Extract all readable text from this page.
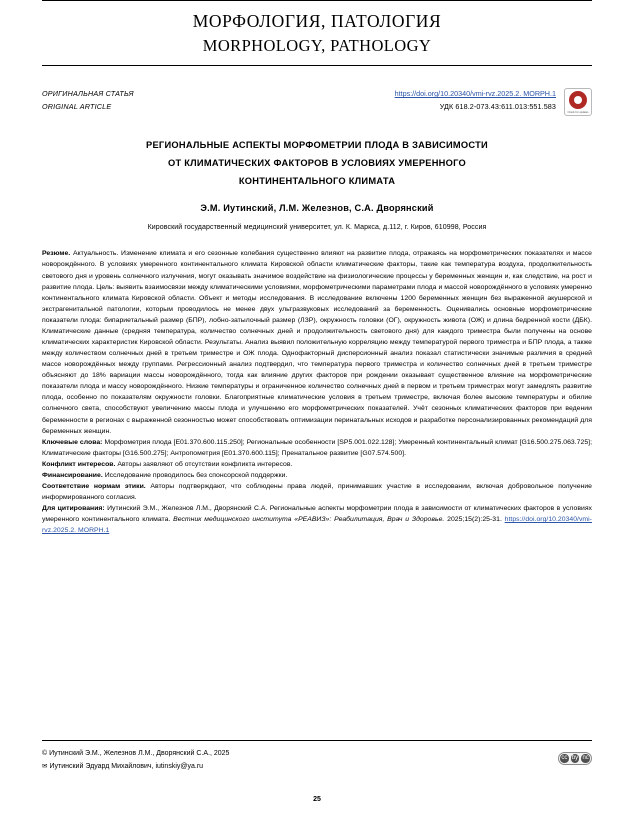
МОРФОЛОГИЯ, ПАТОЛОГИЯ
MORPHOLOGY, PATHOLOGY
ОРИГИНАЛЬНАЯ СТАТЬЯ
ORIGINAL ARTICLE
https://doi.org/10.20340/vmi-rvz.2025.2. MORPH.1
УДК 618.2-073.43:611.013:551.583
Check for updates
РЕГИОНАЛЬНЫЕ АСПЕКТЫ МОРФОМЕТРИИ ПЛОДА В ЗАВИСИМОСТИ
ОТ КЛИМАТИЧЕСКИХ ФАКТОРОВ В УСЛОВИЯХ УМЕРЕННОГО
КОНТИНЕНТАЛЬНОГО КЛИМАТА
Э.М. Иутинский, Л.М. Железнов, С.А. Дворянский
Кировский государственный медицинский университет, ул. К. Маркса, д.112, г. Киров, 610998, Россия

Резюме. Актуальность. Изменение климата и его сезонные колебания существенно влияют на развитие плода, отражаясь на морфометрических показателях и массе новорождённого. В условиях умеренного континентального климата Кировской области климатические факторы, такие как температура воздуха, продолжительность светового дня и уровень солнечного излучения, могут оказывать значимое воздействие на физиологические процессы у беременных женщин и, как следствие, на рост и развитие плода. Цель: выявить взаимосвязи между климатическими условиями, морфометрическими параметрами плода и массой новорождённого в условиях умеренно континентального климата Кировской области. Объект и методы исследования. В исследование включены 1200 беременных женщин без выраженной акушерской и экстрагенитальной патологии, которым проводилось не менее двух ультразвуковых исследований за беременность. Оценивались основные морфометрические показатели плода: бипариетальный размер (БПР), лобно-затылочный размер (ЛЗР), окружность головки (ОГ), окружность живота (ОЖ) и длина бедренной кости (ДБК). Климатические данные (средняя температура, количество солнечных дней и продолжительность светового дня) для каждого триместра были получены на основе климатических характеристик Кировской области. Результаты. Анализ выявил положительную корреляцию между температурой первого триместра и БПР плода, а также между количеством солнечных дней в третьем триместре и ОЖ плода. Однофакторный дисперсионный анализ показал статистически значимые различия в средней массе новорождённых между группами. Регрессионный анализ подтвердил, что температура первого триместра и количество солнечных дней в третьем триместре объясняют до 18% вариации массы новорождённого, тогда как влияние других факторов при рождении оказывает существенное влияние на морфометрические показатели плода и массу новорождённого. Низкие температуры и ограниченное количество солнечных дней в первом и третьем триместрах могут замедлять развитие плода, особенно по показателям окружности головки. Благоприятные климатические условия в третьем триместре, включая более высокие температуры и обилие солнечного света, способствуют увеличению массы плода и улучшению его морфометрических показателей. Учёт сезонных климатических факторов при ведении беременности в регионах с выраженной сезонностью может способствовать оптимизации перинатальных исходов и разработке персонализированных рекомендаций для беременных женщин.

Ключевые слова: Морфометрия плода [E01.370.600.115.250]; Региональные особенности [SP5.001.022.128]; Умеренный континентальный климат [G16.500.275.063.725]; Климатические факторы [G16.500.275]; Антропометрия [E01.370.600.115]; Пренатальное развитие [G07.574.500].

Конфликт интересов. Авторы заявляют об отсутствии конфликта интересов.

Финансирование. Исследование проводилось без спонсорской поддержки.

Соответствие нормам этики. Авторы подтверждают, что соблюдены права людей, принимавших участие в исследовании, включая добровольное получение информированного согласия.

Для цитирования: Иутинский Э.М., Железнов Л.М., Дворянский С.А. Региональные аспекты морфометрии плода в зависимости от климатических факторов в условиях умеренного континентального климата. Вестник медицинского института «РЕАВИЗ»: Реабилитация, Врач и Здоровье. 2025;15(2):25-31. https://doi.org/10.20340/vmi-rvz.2025.2. MORPH.1

© Иутинский Э.М., Железнов Л.М., Дворянский С.А., 2025
✉ Иутинский Эдуард Михайлович, iutinskiy@ya.ru
cc by nc
25
